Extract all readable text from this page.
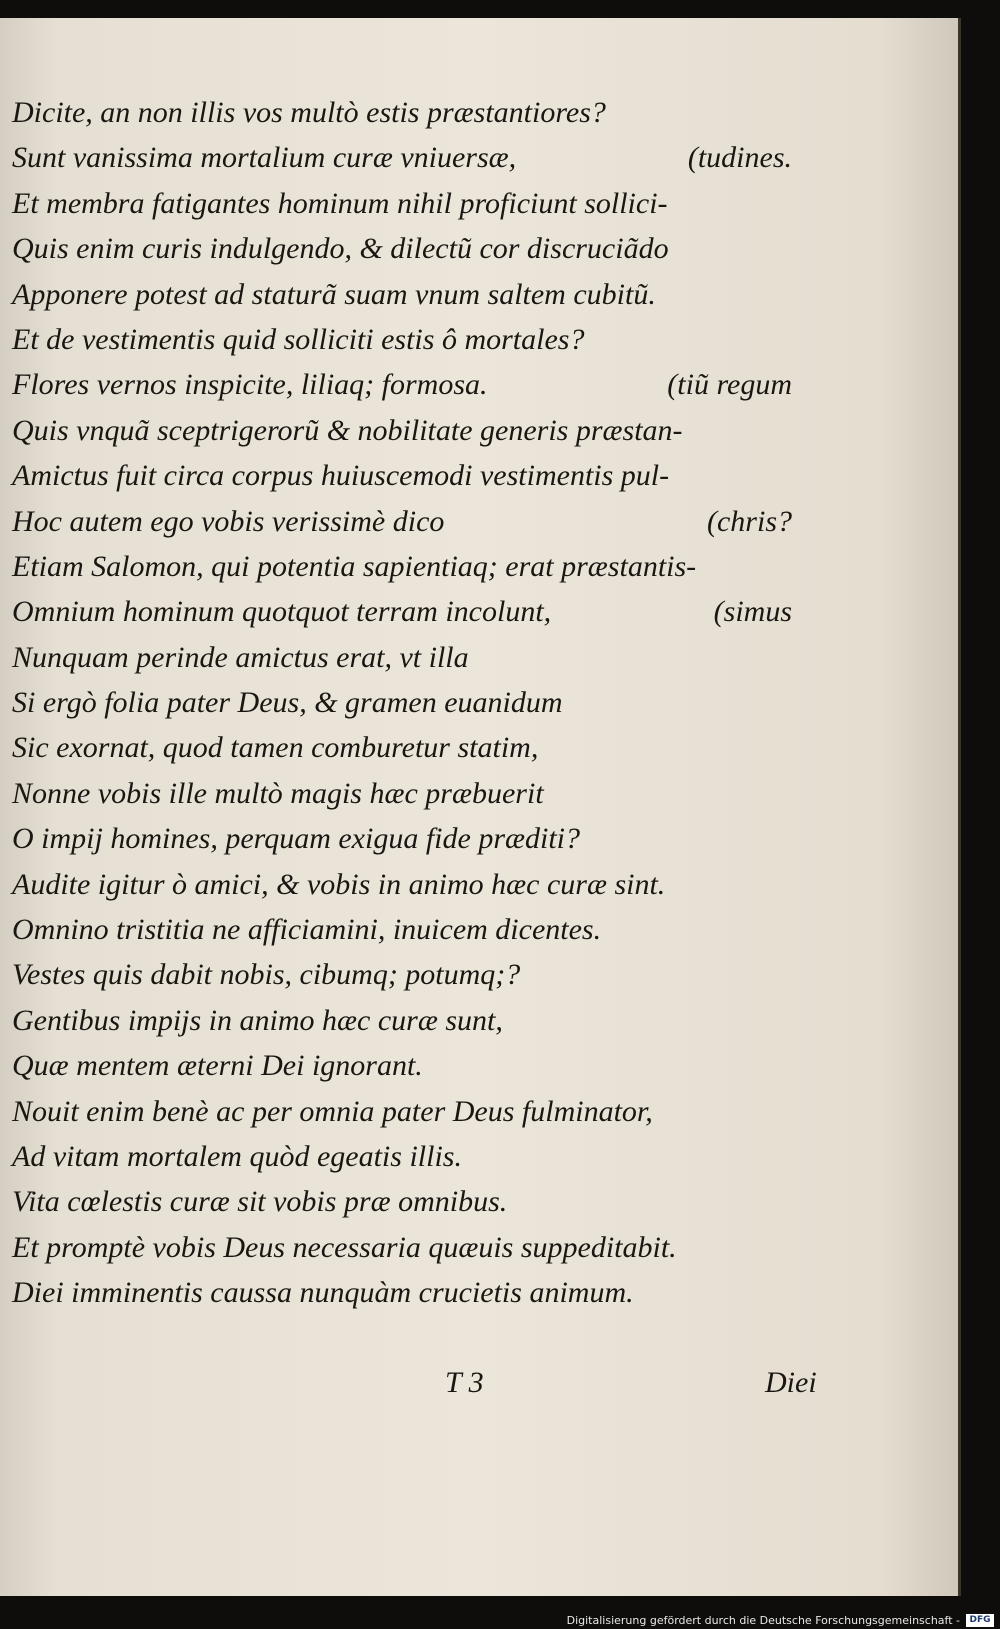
Dicite, an non illis vos multò estis præstantiores?
Sunt vanissima mortalium curæ vniuersæ,	(tudines.
Et membra fatigantes hominum nihil proficiunt sollici-
Quis enim curis indulgendo, & dilectũ cor discruciãdo
Apponere potest ad staturã suam vnum saltem cubitũ.
Et de vestimentis quid solliciti estis ô mortales?
Flores vernos inspicite, liliaq; formosa.	(tiũ regum
Quis vnquã sceptrigerorũ & nobilitate generis præstan-
Amictus fuit circa corpus huiuscemodi vestimentis pul-
Hoc autem ego vobis verissimè dico	(chris?
Etiam Salomon, qui potentia sapientiaq; erat præstantis-
Omnium hominum quotquot terram incolunt,	(simus
Nunquam perinde amictus erat, vt illa
Si ergò folia pater Deus, & gramen euanidum
Sic exornat, quod tamen comburetur statim,
Nonne vobis ille multò magis hæc præbuerit
O impij homines, perquam exigua fide præditi?
Audite igitur ò amici, & vobis in animo hæc curæ sint.
Omnino tristitia ne afficiamini, inuicem dicentes.
Vestes quis dabit nobis, cibumq; potumq;?
Gentibus impijs in animo hæc curæ sunt,
Quæ mentem æterni Dei ignorant.
Nouit enim benè ac per omnia pater Deus fulminator,
Ad vitam mortalem quòd egeatis illis.
Vita cœlestis curæ sit vobis præ omnibus.
Et promptè vobis Deus necessaria quæuis suppeditabit.
Diei imminentis caussa nunquàm crucietis animum.
T 3	Diei
Digitalisierung gefördert durch die Deutsche Forschungsgemeinschaft -	DFG
